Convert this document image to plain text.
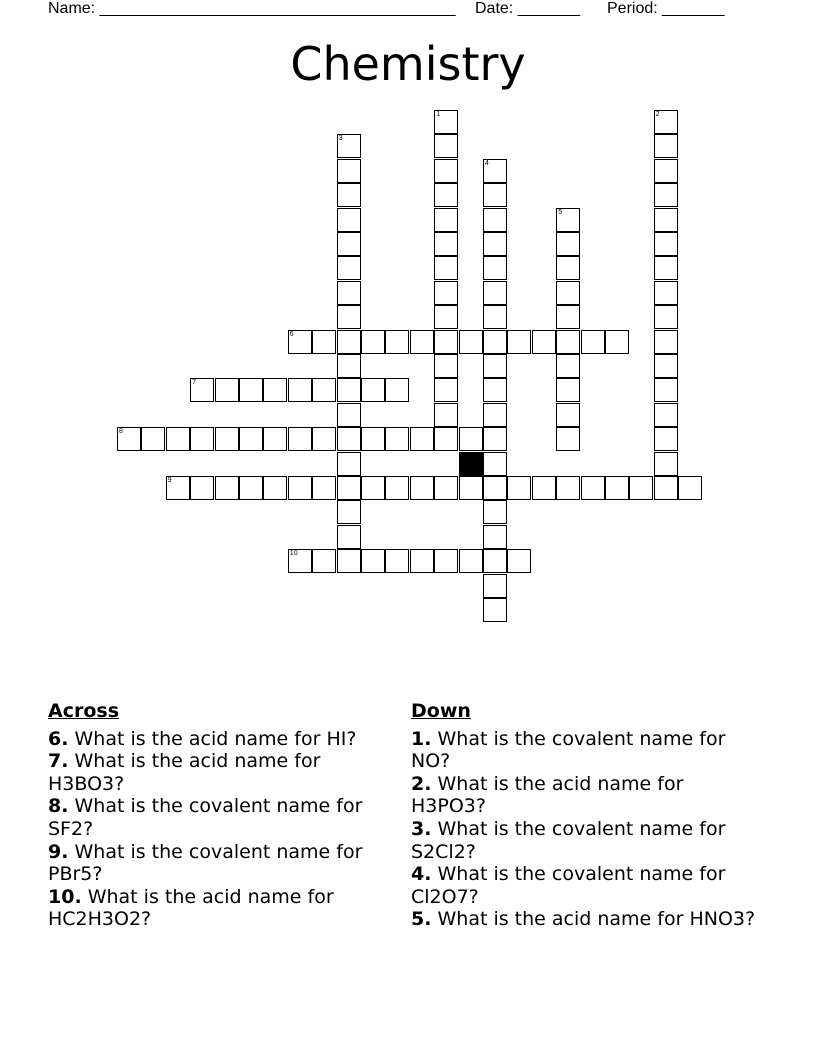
Name: ________________________________________ Date: _______ Period: _______
Chemistry
6
7
8
9
10
1	2
3
4
5
Across
6. What is the acid name for HI?
7. What is the acid name for H3BO3?
8. What is the covalent name for SF2?
9. What is the covalent name for PBr5?
10. What is the acid name for HC2H3O2?
Down
1. What is the covalent name for NO?
2. What is the acid name for H3PO3?
3. What is the covalent name for S2Cl2?
4. What is the covalent name for Cl2O7?
5. What is the acid name for HNO3?
